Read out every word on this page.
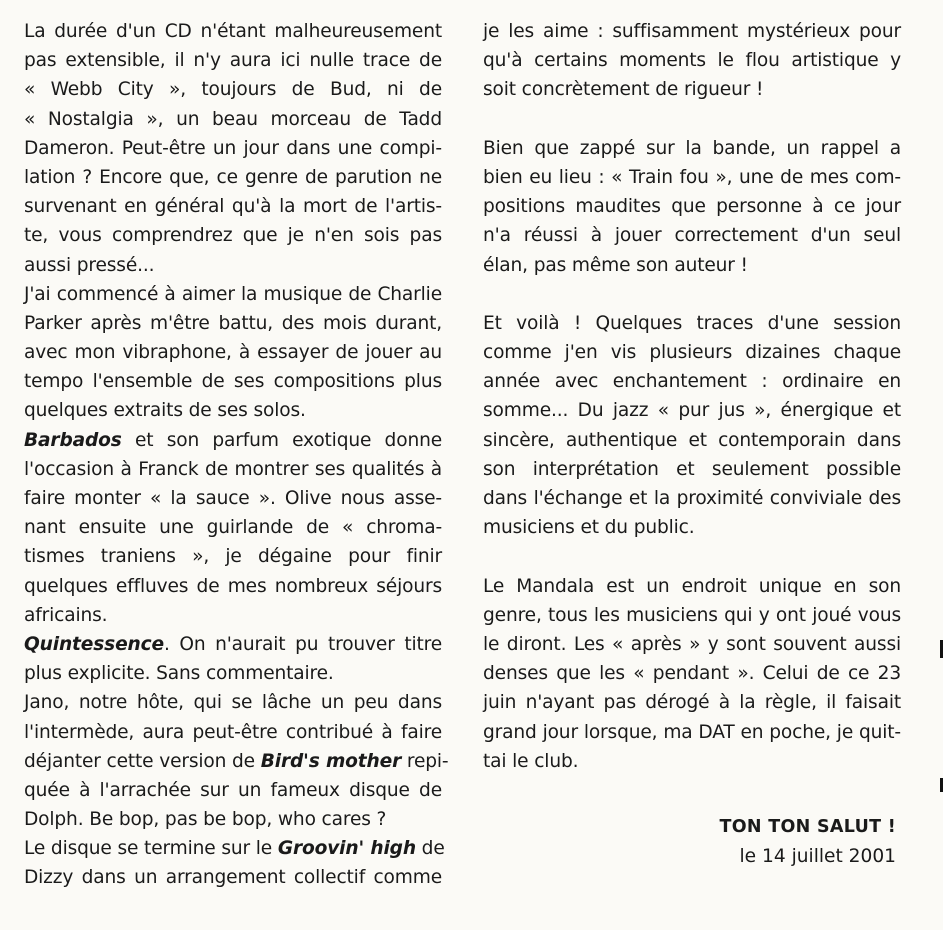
La durée d'un CD n'étant malheureusement
pas extensible, il n'y aura ici nulle trace de
« Webb City », toujours de Bud, ni de
« Nostalgia », un beau morceau de Tadd
Dameron. Peut-être un jour dans une compi-
lation ? Encore que, ce genre de parution ne
survenant en général qu'à la mort de l'artis-
te, vous comprendrez que je n'en sois pas
aussi pressé...
J'ai commencé à aimer la musique de Charlie
Parker après m'être battu, des mois durant,
avec mon vibraphone, à essayer de jouer au
tempo l'ensemble de ses compositions plus
quelques extraits de ses solos.
Barbados et son parfum exotique donne
l'occasion à Franck de montrer ses qualités à
faire monter « la sauce ». Olive nous asse-
nant ensuite une guirlande de « chroma-
tismes traniens », je dégaine pour finir
quelques effluves de mes nombreux séjours
africains.
Quintessence. On n'aurait pu trouver titre
plus explicite. Sans commentaire.
Jano, notre hôte, qui se lâche un peu dans
l'intermède, aura peut-être contribué à faire
déjanter cette version de Bird's mother repi-
quée à l'arrachée sur un fameux disque de
Dolph. Be bop, pas be bop, who cares ?
Le disque se termine sur le Groovin' high de
Dizzy dans un arrangement collectif comme
je les aime : suffisamment mystérieux pour
qu'à certains moments le flou artistique y
soit concrètement de rigueur !
Bien que zappé sur la bande, un rappel a
bien eu lieu : « Train fou », une de mes com-
positions maudites que personne à ce jour
n'a réussi à jouer correctement d'un seul
élan, pas même son auteur !
Et voilà ! Quelques traces d'une session
comme j'en vis plusieurs dizaines chaque
année avec enchantement : ordinaire en
somme... Du jazz « pur jus », énergique et
sincère, authentique et contemporain dans
son interprétation et seulement possible
dans l'échange et la proximité conviviale des
musiciens et du public.
Le Mandala est un endroit unique en son
genre, tous les musiciens qui y ont joué vous
le diront. Les « après » y sont souvent aussi
denses que les « pendant ». Celui de ce 23
juin n'ayant pas dérogé à la règle, il faisait
grand jour lorsque, ma DAT en poche, je quit-
tai le club.
TON TON SALUT !
le 14 juillet 2001
